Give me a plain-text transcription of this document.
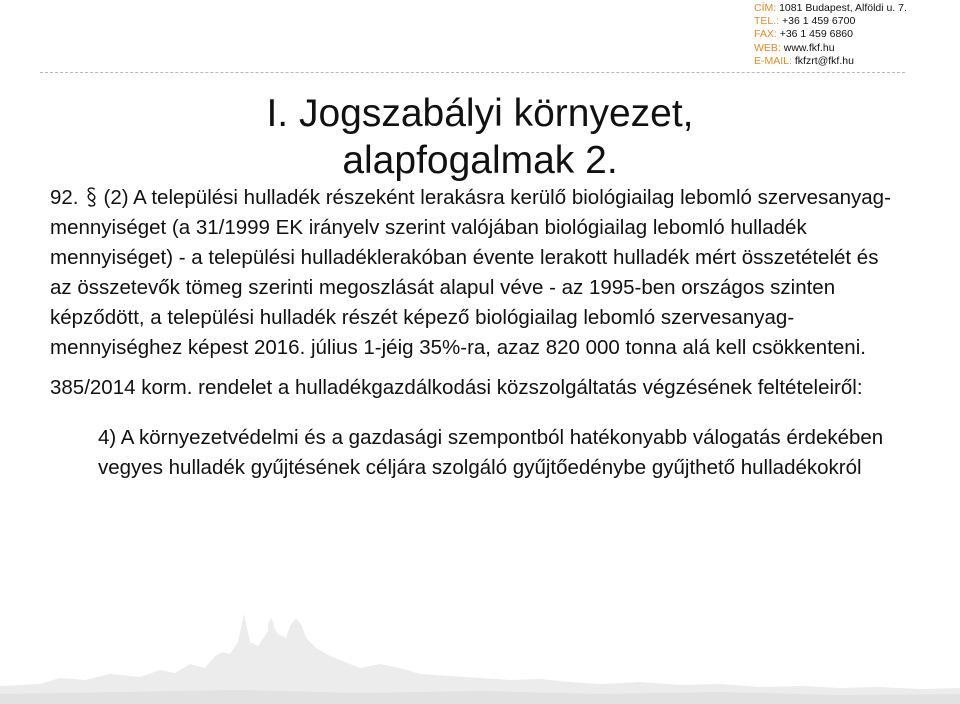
CÍM: 1081 Budapest, Alföldi u. 7.
TEL.: +36 1 459 6700
FAX: +36 1 459 6860
WEB: www.fkf.hu
E-MAIL: fkfzrt@fkf.hu
I. Jogszabályi környezet,
alapfogalmak 2.

92. (2) A települési hulladék részeként lerakásra kerülő biológiailag lebomló szervesanyag-mennyiséget (a 31/1999 EK irányelv szerint valójában biológiailag lebomló hulladék mennyiséget) - a települési hulladéklerakóban évente lerakott hulladék mért összetételét és az összetevők tömeg szerinti megoszlását alapul véve - az 1995-ben országos szinten képződött, a települési hulladék részét képező biológiailag lebomló szervesanyag-mennyiséghez képest 2016. július 1-jéig 35%-ra, azaz 820 000 tonna alá kell csökkenteni.

385/2014 korm. rendelet a hulladékgazdálkodási közszolgáltatás végzésének feltételeiről:

4) A környezetvédelmi és a gazdasági szempontból hatékonyabb válogatás érdekében vegyes hulladék gyűjtésének céljára szolgáló gyűjtőedénybe gyűjthető hulladékokról
